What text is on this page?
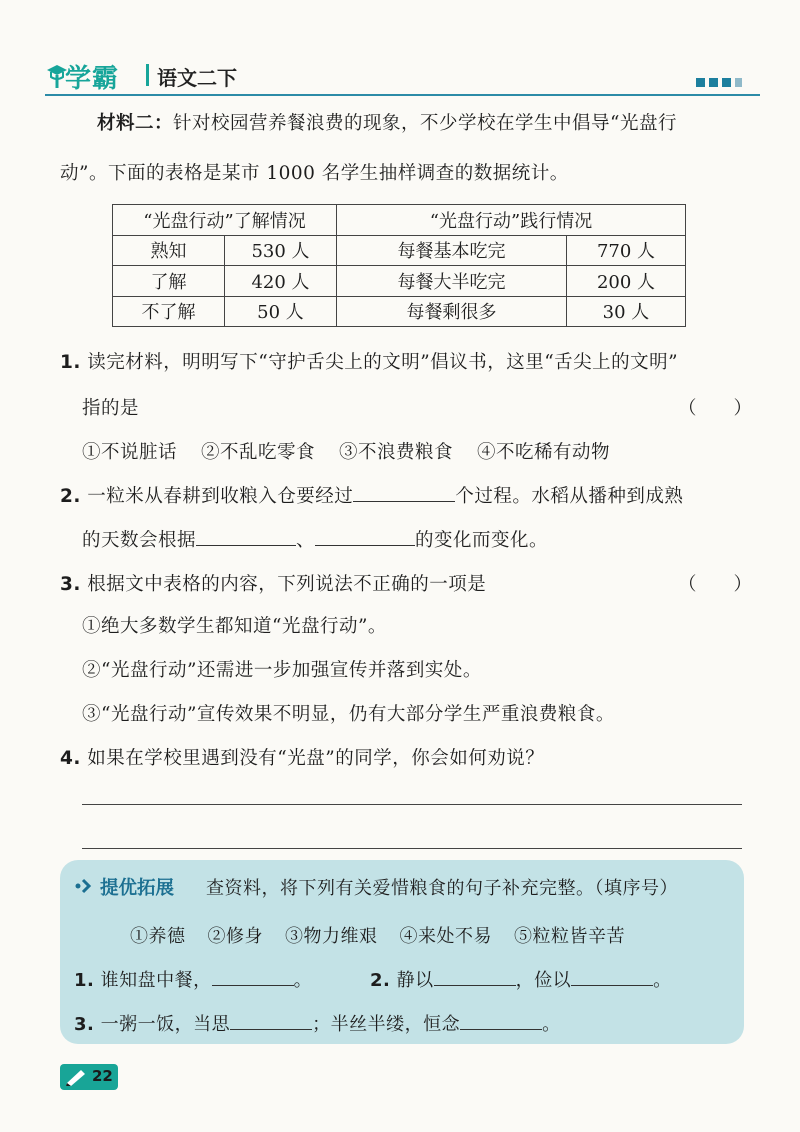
学霸 语文二下
材料二：针对校园营养餐浪费的现象，不少学校在学生中倡导“光盘行
动”。下面的表格是某市 1000 名学生抽样调查的数据统计。
“光盘行动”了解情况		“光盘行动”践行情况	
熟知	530 人	每餐基本吃完	770 人
了解	420 人	每餐大半吃完	200 人
不了解	50 人	每餐剩很多	30 人
1. 读完材料，明明写下“守护舌尖上的文明”倡议书，这里“舌尖上的文明”
指的是	（　　）
①不说脏话 ②不乱吃零食 ③不浪费粮食 ④不吃稀有动物
2. 一粒米从春耕到收粮入仓要经过	个过程。水稻从播种到成熟
的天数会根据	、	的变化而变化。
3. 根据文中表格的内容，下列说法不正确的一项是	（　　）
①绝大多数学生都知道“光盘行动”。
②“光盘行动”还需进一步加强宣传并落到实处。
③“光盘行动”宣传效果不明显，仍有大部分学生严重浪费粮食。
4. 如果在学校里遇到没有“光盘”的同学，你会如何劝说？
提优拓展 查资料，将下列有关爱惜粮食的句子补充完整。（填序号）
①养德 ②修身 ③物力维艰 ④来处不易 ⑤粒粒皆辛苦
1. 谁知盘中餐，	。	2. 静以	，俭以	。
3. 一粥一饭，当思	；半丝半缕，恒念	。
22
